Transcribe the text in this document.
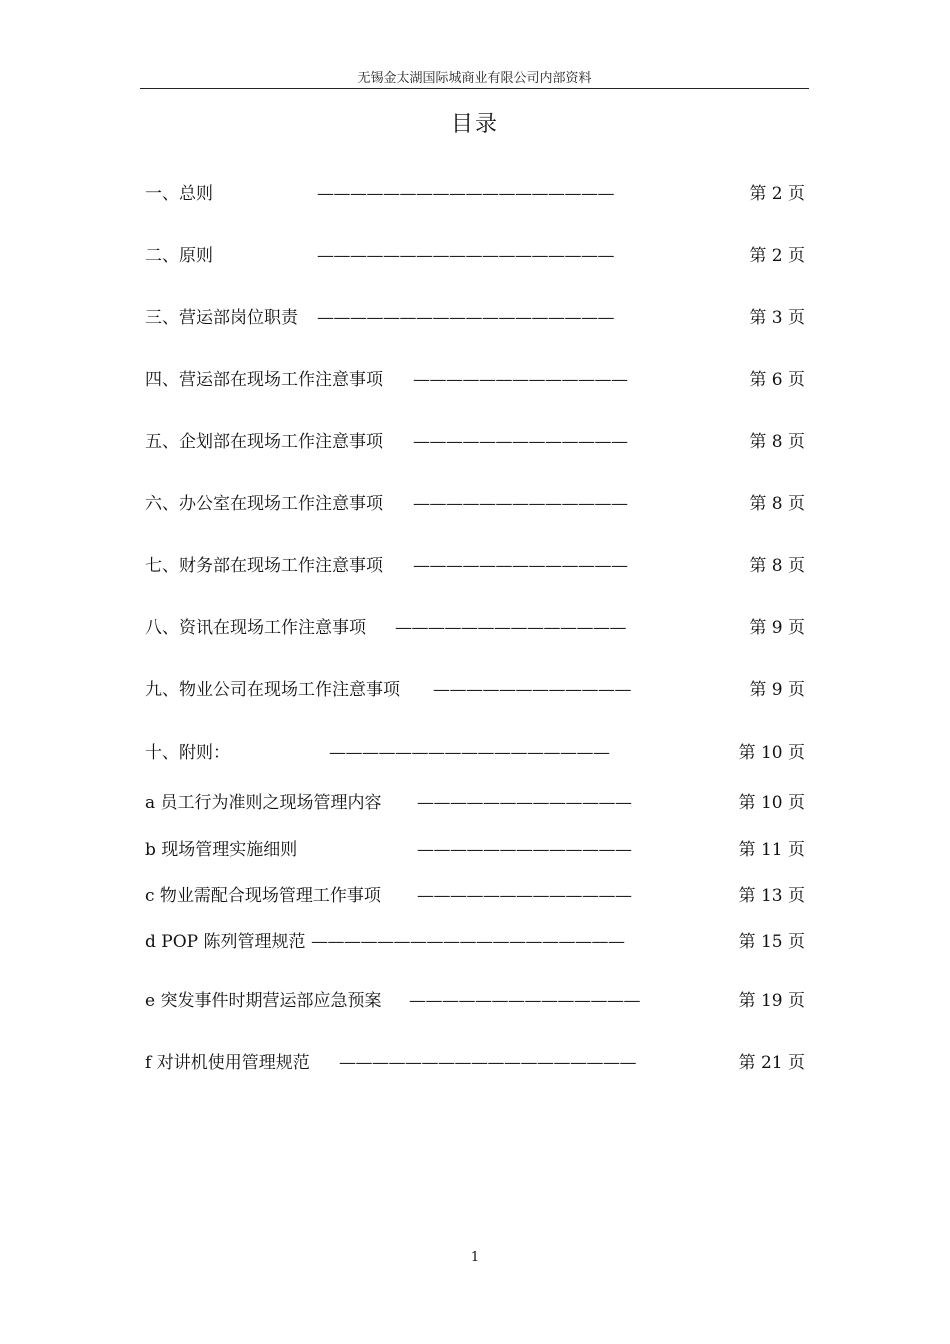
无锡金太湖国际城商业有限公司内部资料
目录
一、总则	——————————————————	第 2 页
二、原则	——————————————————	第 2 页
三、营运部岗位职责 ——————————————————	第 3 页
四、营运部在现场工作注意事项 —————————————	第 6 页
五、企划部在现场工作注意事项 —————————————	第 8 页
六、办公室在现场工作注意事项 —————————————	第 8 页
七、财务部在现场工作注意事项 —————————————	第 8 页
八、资讯在现场工作注意事项 ——————————————	第 9 页
九、物业公司在现场工作注意事项 ————————————	第 9 页
十、附则：	—————————————————	第 10 页
a 员工行为准则之现场管理内容 —————————————	第 10 页
b 现场管理实施细则	—————————————	第 11 页
c 物业需配合现场管理工作事项 —————————————	第 13 页
d POP 陈列管理规范 ———————————————————	第 15 页
e 突发事件时期营运部应急预案 ——————————————	第 19 页
f 对讲机使用管理规范 ——————————————————	第 21 页
1
